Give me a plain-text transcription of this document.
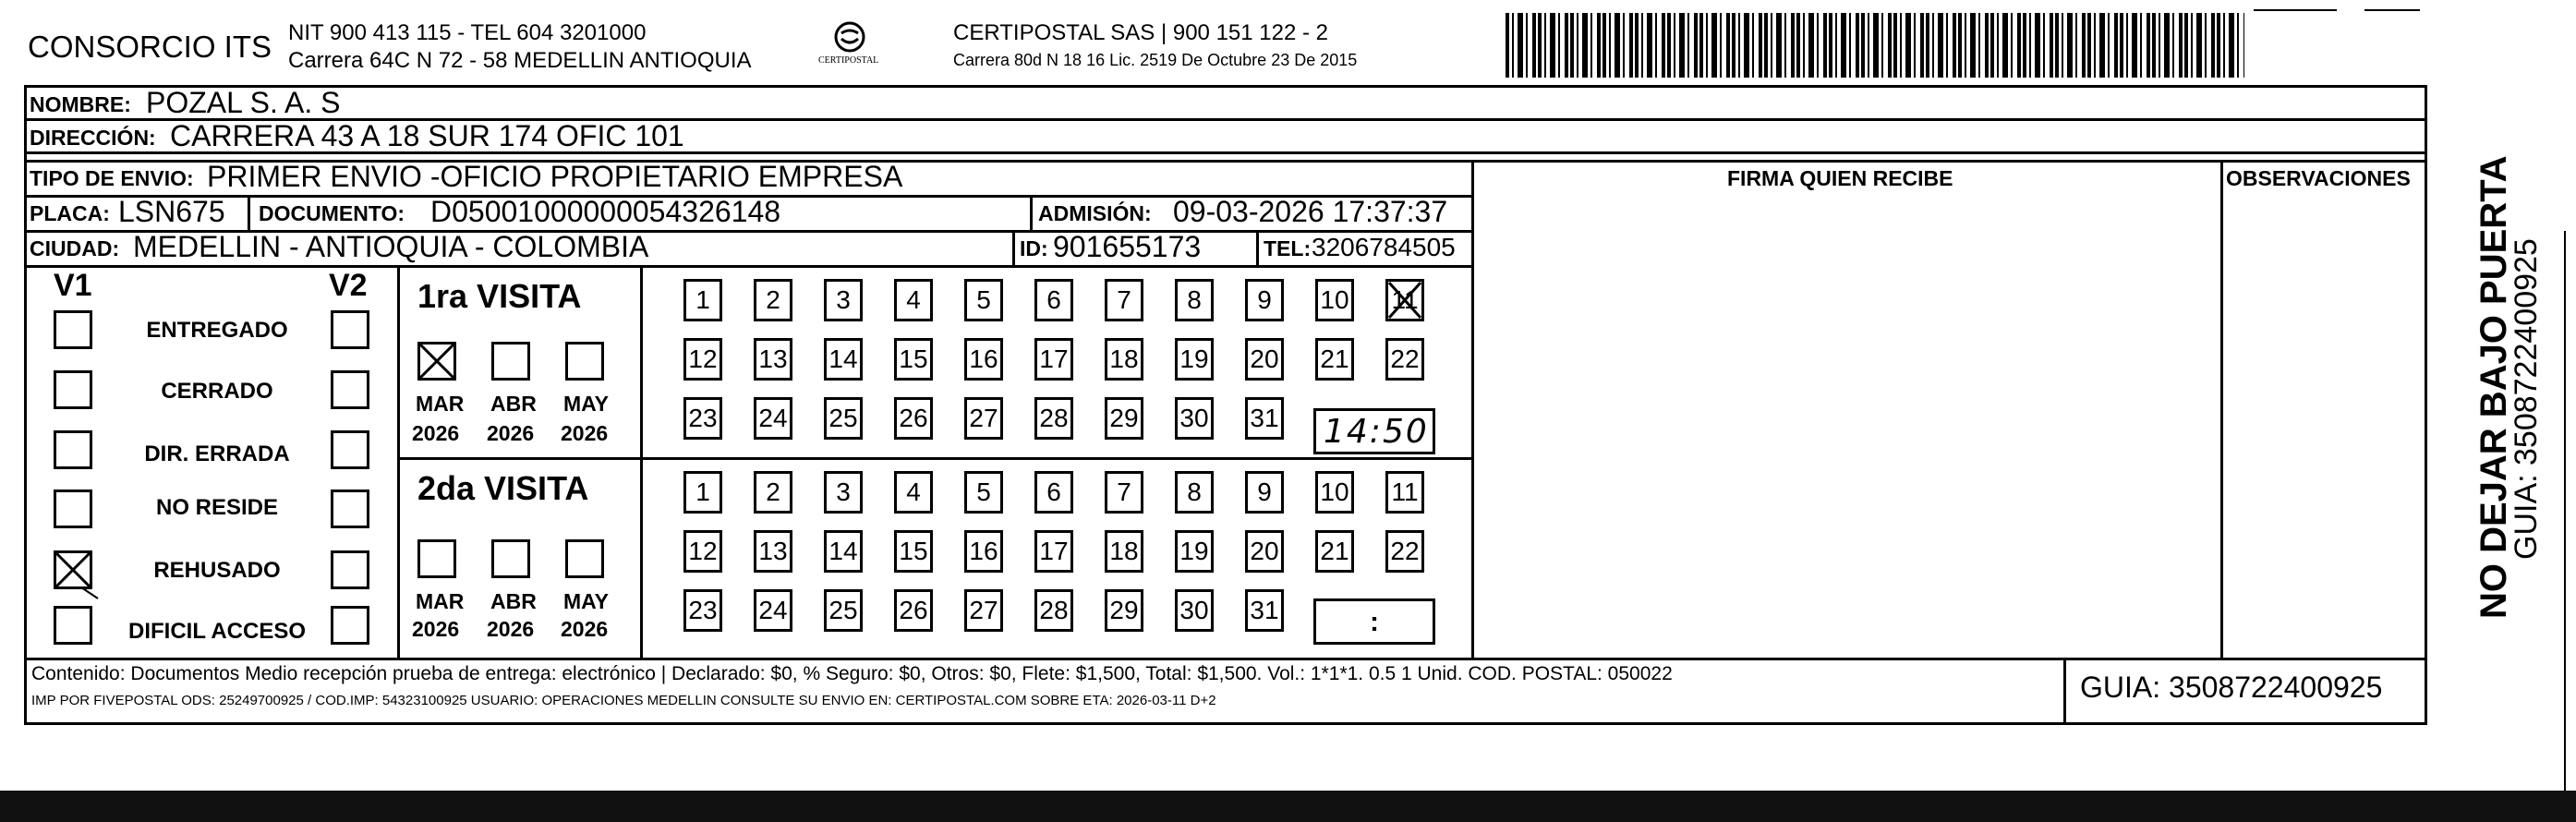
CONSORCIO ITS NIT 900 413 115 - TEL 604 3201000
Carrera 64C N 72 - 58 MEDELLIN ANTIOQUIA	CERTIPOSTAL
CERTIPOSTAL SAS | 900 151 122 - 2
Carrera 80d N 18 16 Lic. 2519 De Octubre 23 De 2015
NOMBRE: POZAL S. A. S
DIRECCIÓN: CARRERA 43 A 18 SUR 174 OFIC 101
TIPO DE ENVIO: PRIMER ENVIO -OFICIO PROPIETARIO EMPRESA	FIRMA QUIEN RECIBE	OBSERVACIONES
PLACA: LSN675 DOCUMENTO: D05001000000054326148	ADMISIÓN: 09-03-2026 17:37:37
CIUDAD: MEDELLIN - ANTIOQUIA - COLOMBIA	ID: 901655173	TEL: 3206784505
V1	V2
ENTREGADO
CERRADO
DIR. ERRADA
NO RESIDE
REHUSADO
DIFICIL ACCESO
1ra VISITA
MAR ABR MAY
2026 2026 2026
2da VISITA
MAR ABR MAY
2026 2026 2026
1	2	3	4	5	6	7	8	9	10 11
12 13 14 15 16 17 18 19 20 21 22
23 24 25 26 27 28 29 30 31
1	2	3	4	5	6	7	8	9	10 11
12 13 14 15 16 17 18 19 20 21 22
23 24 25 26 27 28 29 30 31
14:50
:
Contenido: Documentos Medio recepción prueba de entrega: electrónico | Declarado: $0, % Seguro: $0, Otros: $0, Flete: $1,500, Total: $1,500. Vol.: 1*1*1. 0.5 1 Unid. COD. POSTAL: 050022
IMP POR FIVEPOSTAL ODS: 25249700925 / COD.IMP: 54323100925 USUARIO: OPERACIONES MEDELLIN CONSULTE SU ENVIO EN: CERTIPOSTAL.COM SOBRE ETA: 2026-03-11 D+2	GUIA: 3508722400925
NO DEJAR BAJO PUERTA
GUIA: 3508722400925
